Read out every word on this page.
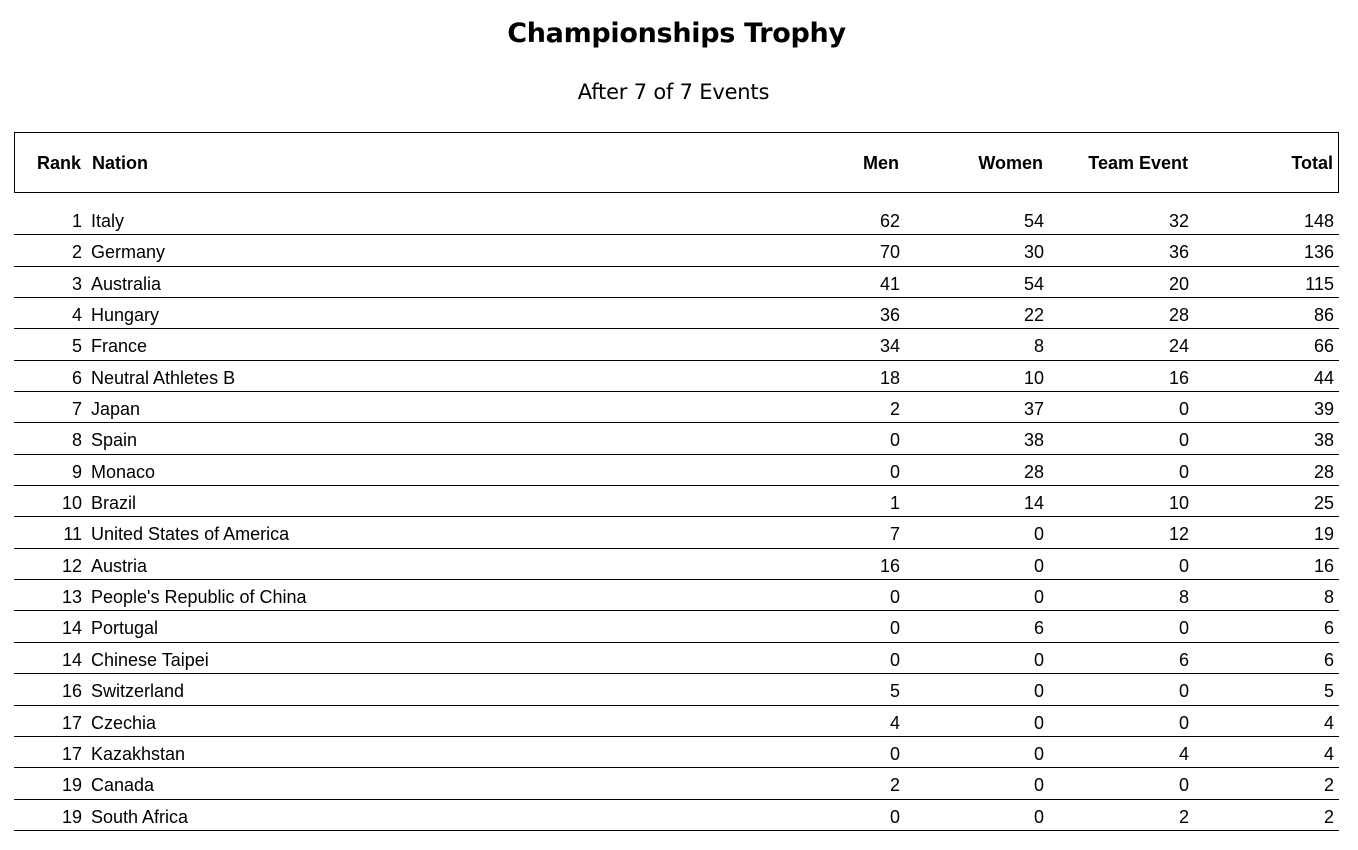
Championships Trophy
After 7 of 7 Events
Rank Nation	Men	Women	Team Event	Total
1 Italy	62	54	32	148
2 Germany	70	30	36	136
3 Australia	41	54	20	115
4 Hungary	36	22	28	86
5 France	34	8	24	66
6 Neutral Athletes B	18	10	16	44
7 Japan	2	37	0	39
8 Spain	0	38	0	38
9 Monaco	0	28	0	28
10 Brazil	1	14	10	25
11 United States of America	7	0	12	19
12 Austria	16	0	0	16
13 People's Republic of China	0	0	8	8
14 Portugal	0	6	0	6
14 Chinese Taipei	0	0	6	6
16 Switzerland	5	0	0	5
17 Czechia	4	0	0	4
17 Kazakhstan	0	0	4	4
19 Canada	2	0	0	2
19 South Africa	0	0	2	2
